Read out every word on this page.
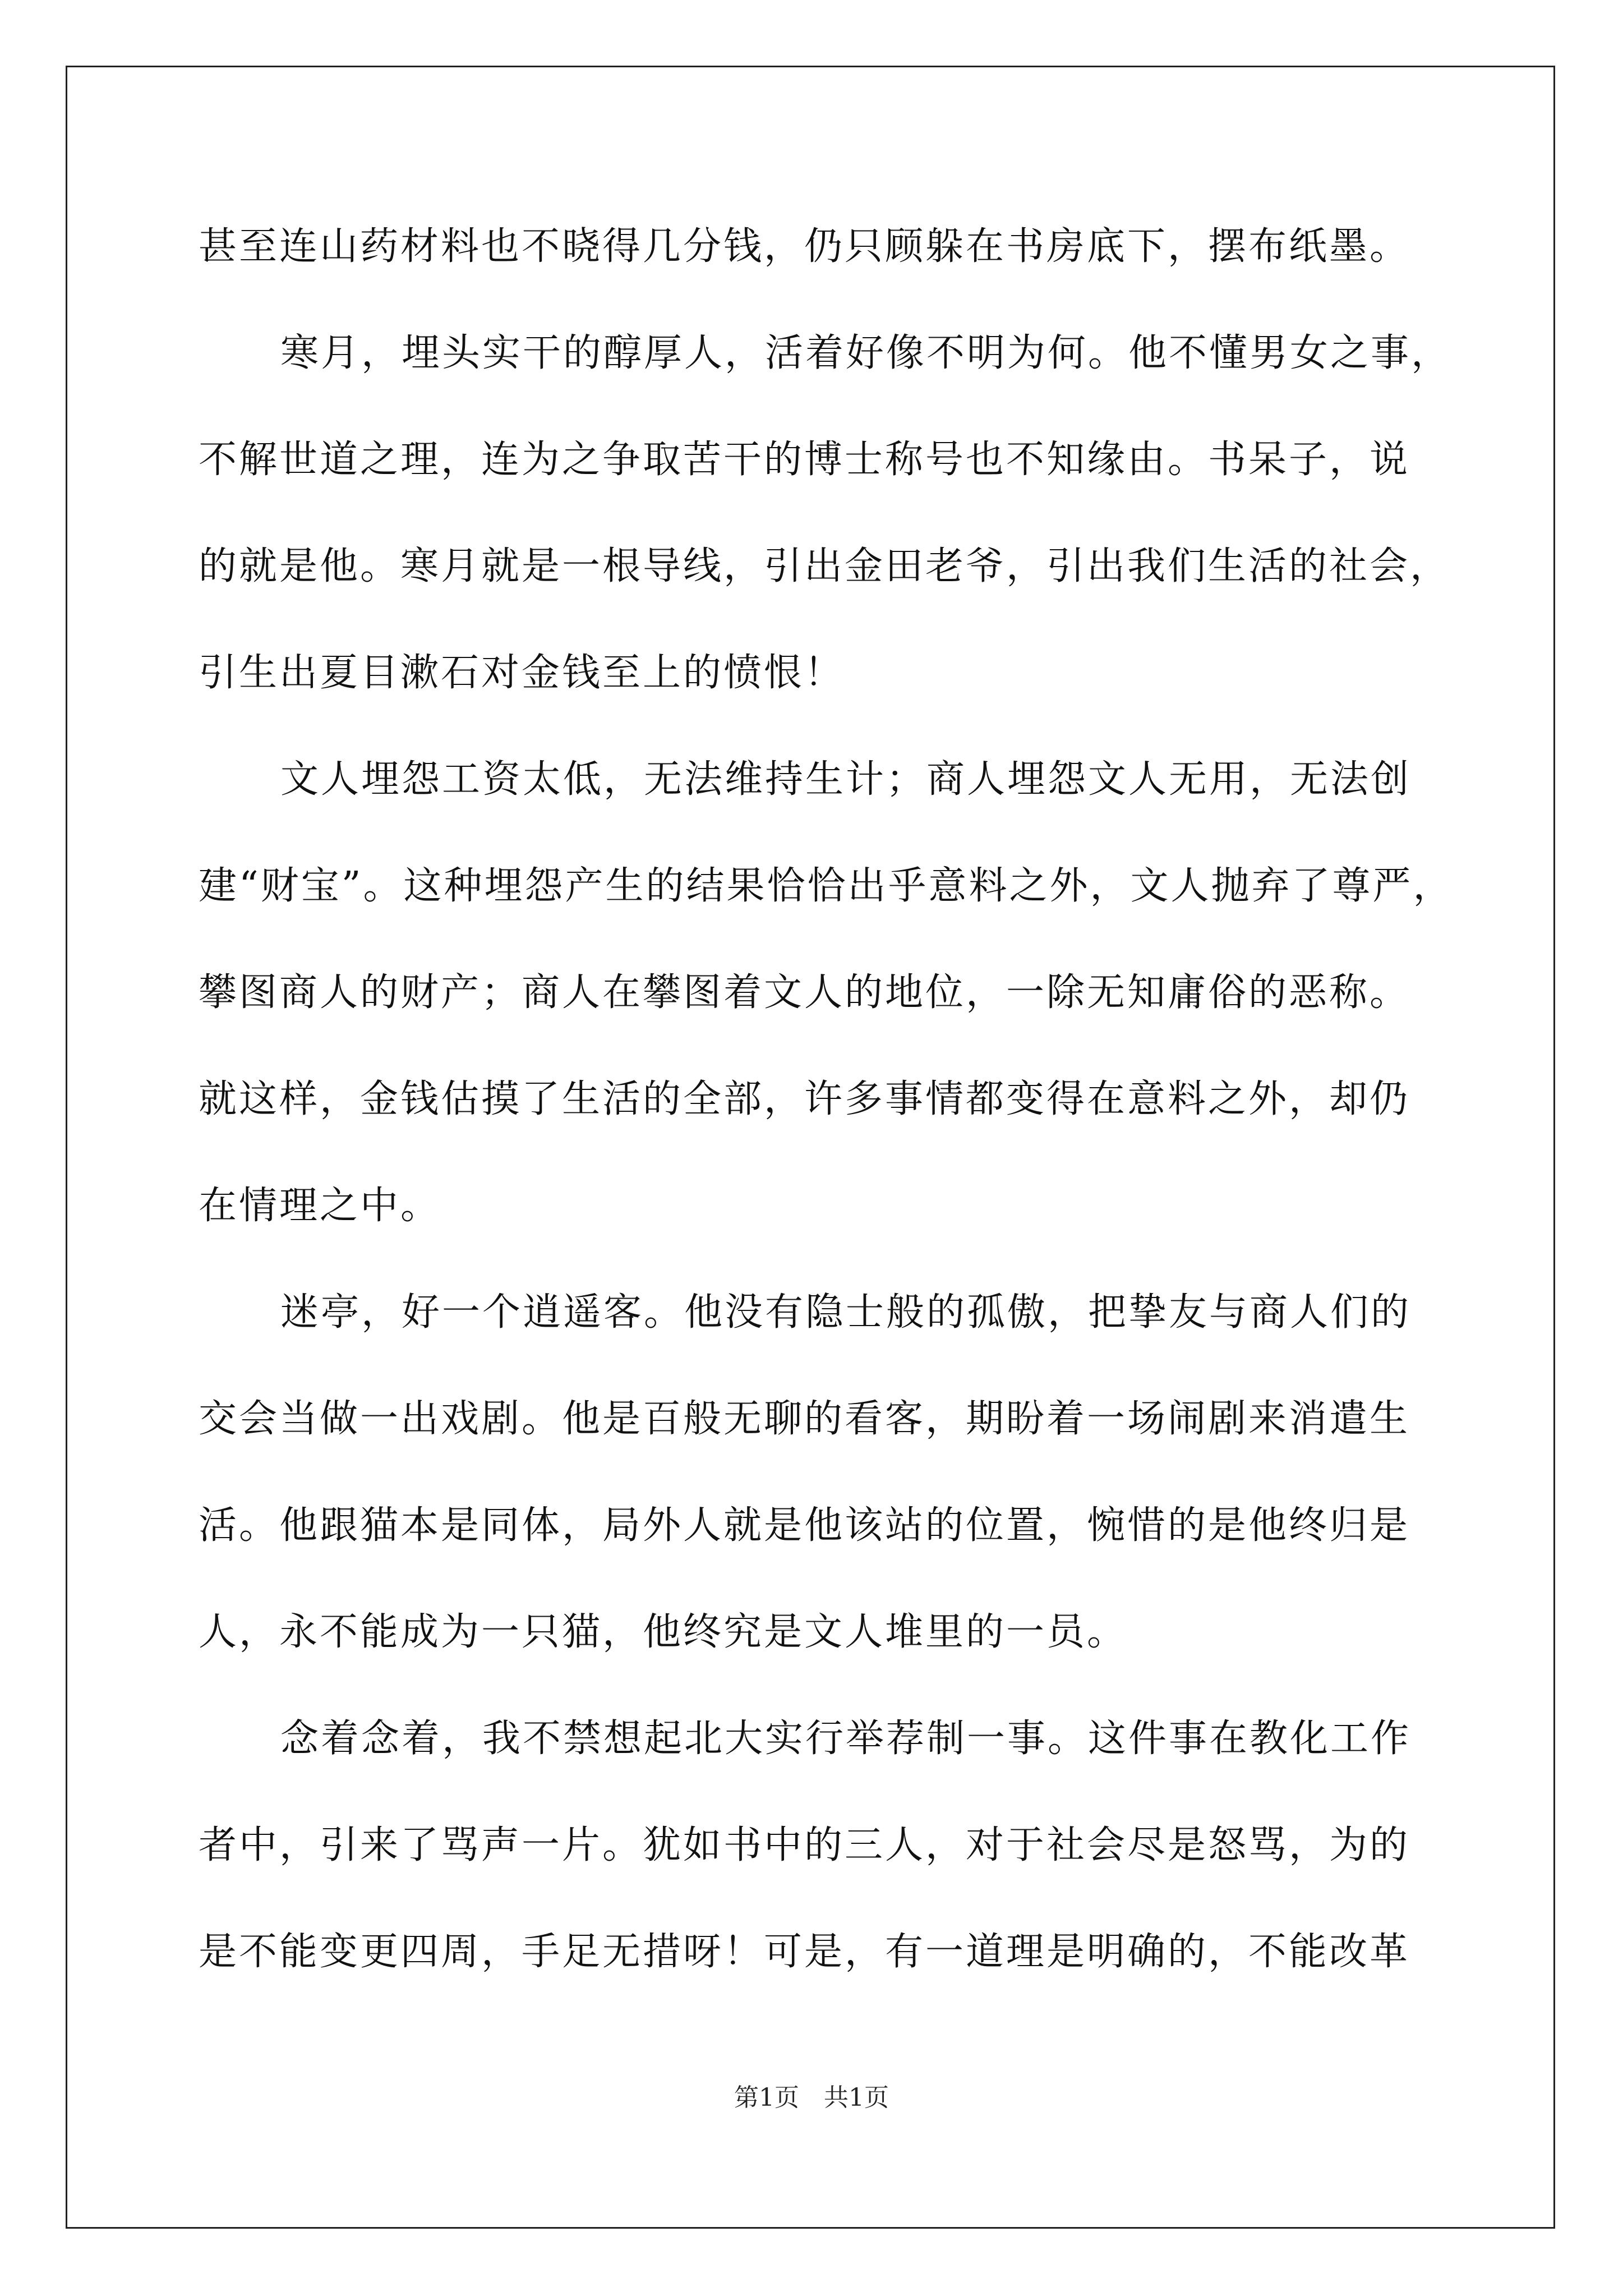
甚至连山药材料也不晓得几分钱，仍只顾躲在书房底下，摆布纸墨。
寒月，埋头实干的醇厚人，活着好像不明为何。他不懂男女之事，
不解世道之理，连为之争取苦干的博士称号也不知缘由。书呆子，说
的就是他。寒月就是一根导线，引出金田老爷，引出我们生活的社会，
引生出夏目漱石对金钱至上的愤恨！
文人埋怨工资太低，无法维持生计；商人埋怨文人无用，无法创
建“财宝”。这种埋怨产生的结果恰恰出乎意料之外，文人抛弃了尊严，
攀图商人的财产；商人在攀图着文人的地位，一除无知庸俗的恶称。
就这样，金钱估摸了生活的全部，许多事情都变得在意料之外，却仍
在情理之中。
迷亭，好一个逍遥客。他没有隐士般的孤傲，把挚友与商人们的
交会当做一出戏剧。他是百般无聊的看客，期盼着一场闹剧来消遣生
活。他跟猫本是同体，局外人就是他该站的位置，惋惜的是他终归是
人，永不能成为一只猫，他终究是文人堆里的一员。
念着念着，我不禁想起北大实行举荐制一事。这件事在教化工作
者中，引来了骂声一片。犹如书中的三人，对于社会尽是怒骂，为的
是不能变更四周，手足无措呀！可是，有一道理是明确的，不能改革
第1页　共1页
